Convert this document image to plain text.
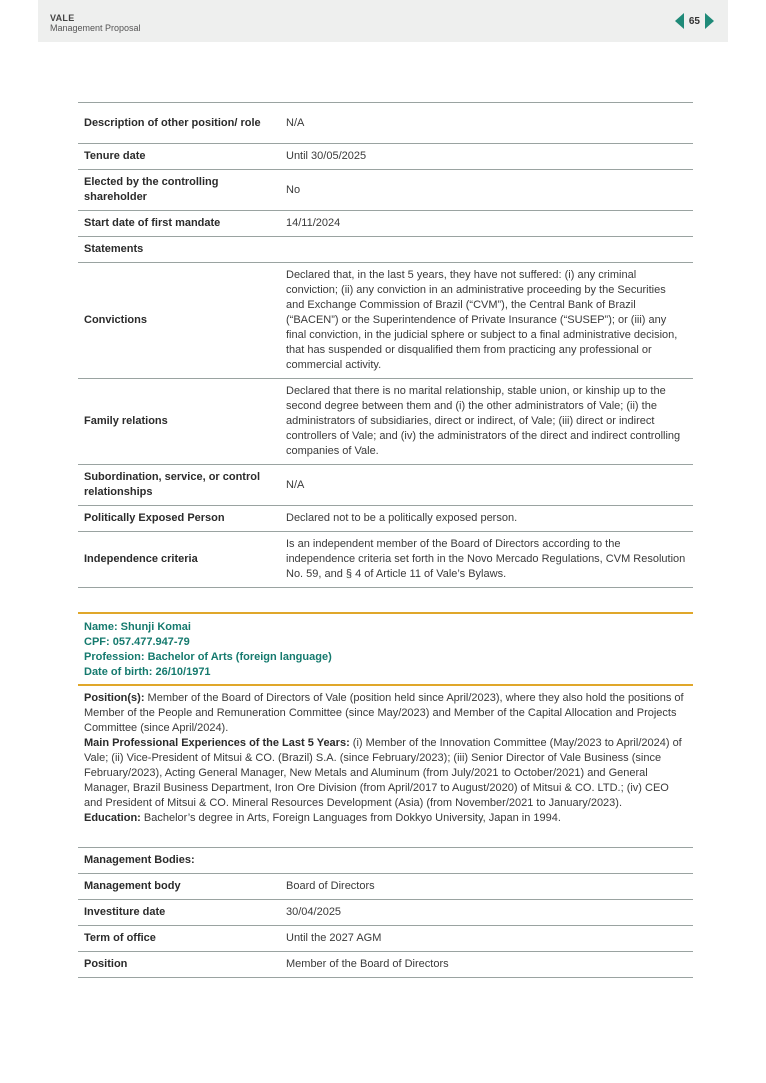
VALE
Management Proposal
65
Description of other position/ role	N/A
Tenure date	Until 30/05/2025
Elected by the controlling shareholder	No
Start date of first mandate	14/11/2024
Statements	
Convictions	Declared that, in the last 5 years, they have not suffered: (i) any criminal conviction; (ii) any conviction in an administrative proceeding by the Securities and Exchange Commission of Brazil (“CVM”), the Central Bank of Brazil (“BACEN”) or the Superintendence of Private Insurance (“SUSEP”); or (iii) any final conviction, in the judicial sphere or subject to a final administrative decision, that has suspended or disqualified them from practicing any professional or commercial activity.
Family relations	Declared that there is no marital relationship, stable union, or kinship up to the second degree between them and (i) the other administrators of Vale; (ii) the administrators of subsidiaries, direct or indirect, of Vale; (iii) direct or indirect controllers of Vale; and (iv) the administrators of the direct and indirect controlling companies of Vale.
Subordination, service, or control relationships	N/A
Politically Exposed Person	Declared not to be a politically exposed person.
Independence criteria	Is an independent member of the Board of Directors according to the independence criteria set forth in the Novo Mercado Regulations, CVM Resolution No. 59, and § 4 of Article 11 of Vale’s Bylaws.
Name: Shunji Komai
CPF: 057.477.947-79
Profession: Bachelor of Arts (foreign language)
Date of birth: 26/10/1971
Position(s): Member of the Board of Directors of Vale (position held since April/2023), where they also hold the positions of Member of the People and Remuneration Committee (since May/2023) and Member of the Capital Allocation and Projects Committee (since April/2024).
Main Professional Experiences of the Last 5 Years: (i) Member of the Innovation Committee (May/2023 to April/2024) of Vale; (ii) Vice-President of Mitsui & CO. (Brazil) S.A. (since February/2023); (iii) Senior Director of Vale Business (since February/2023), Acting General Manager, New Metals and Aluminum (from July/2021 to October/2021) and General Manager, Brazil Business Department, Iron Ore Division (from April/2017 to August/2020) of Mitsui & CO. LTD.; (iv) CEO and President of Mitsui & CO. Mineral Resources Development (Asia) (from November/2021 to January/2023).
Education: Bachelor’s degree in Arts, Foreign Languages from Dokkyo University, Japan in 1994.
Management Bodies:	
Management body	Board of Directors
Investiture date	30/04/2025
Term of office	Until the 2027 AGM
Position	Member of the Board of Directors
